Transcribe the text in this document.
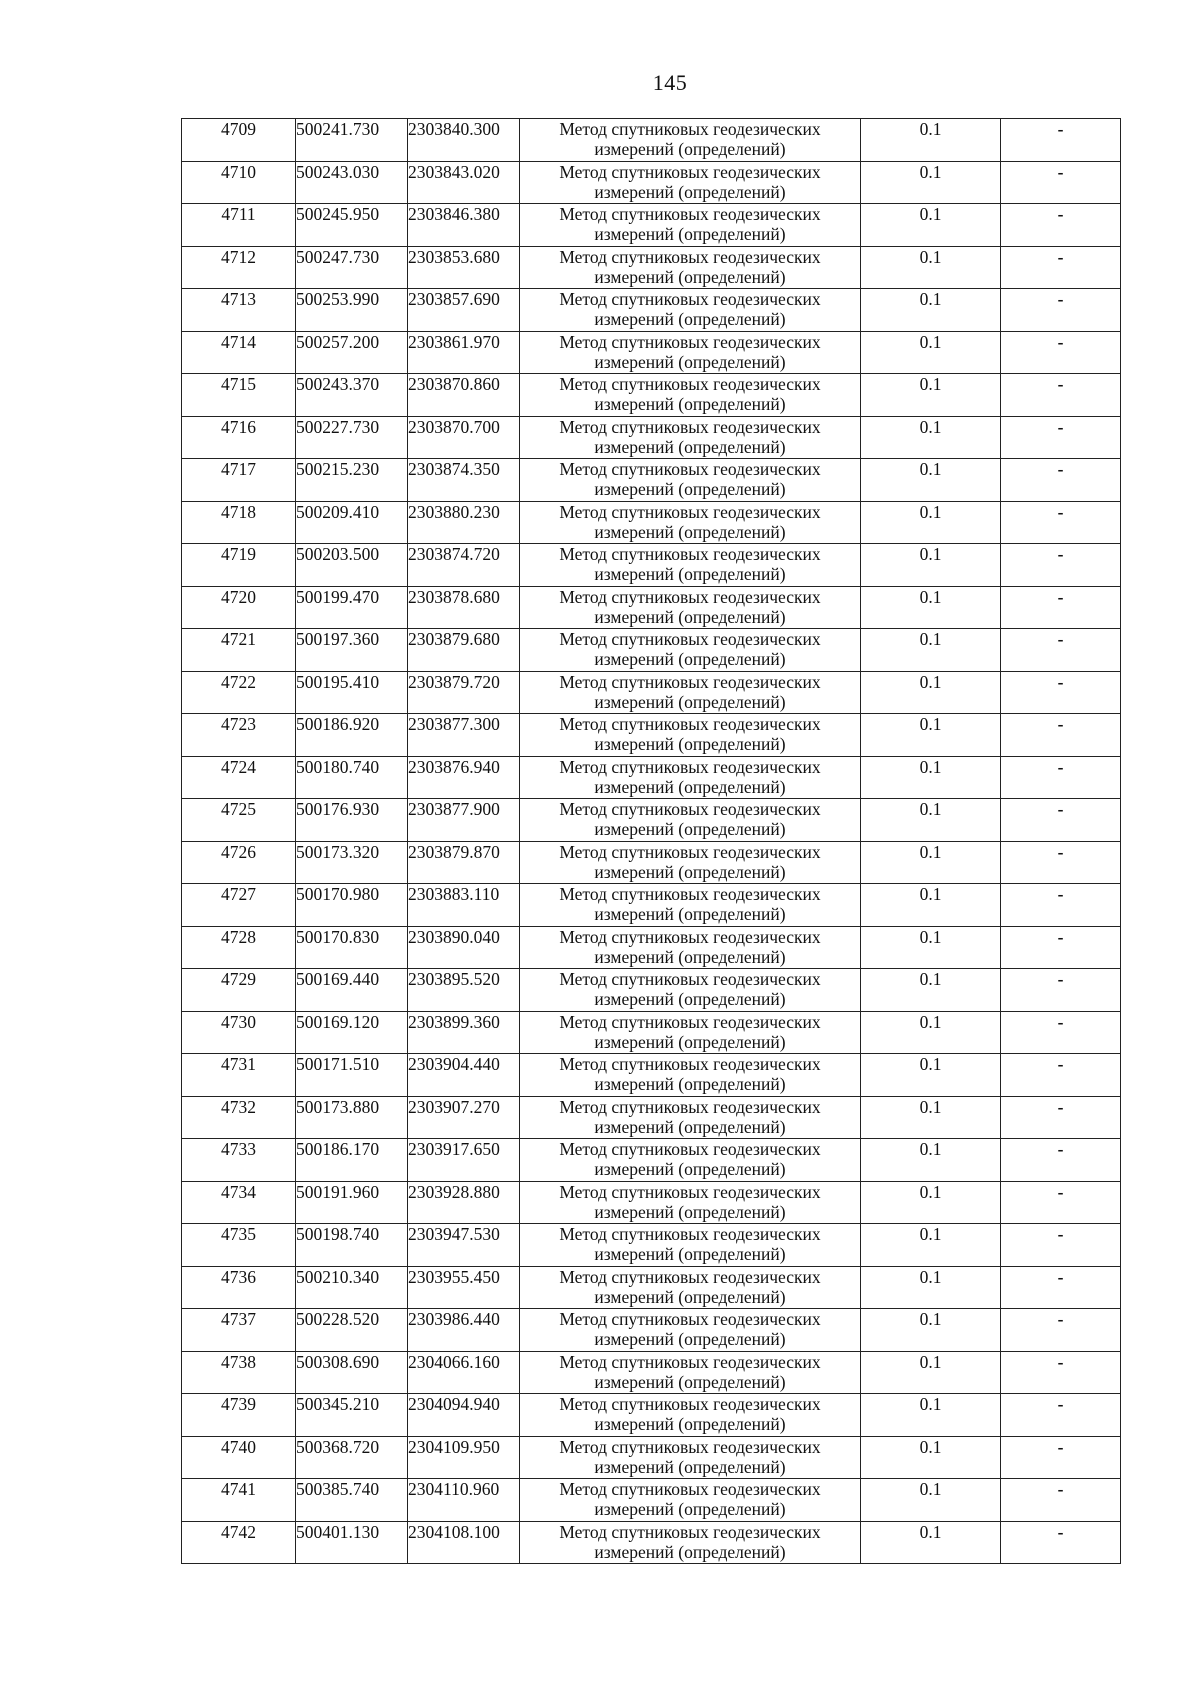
145
4709	500241.730	2303840.300	Метод спутниковых геодезических
измерений (определений)	0.1	-
4710	500243.030	2303843.020	Метод спутниковых геодезических
измерений (определений)	0.1	-
4711	500245.950	2303846.380	Метод спутниковых геодезических
измерений (определений)	0.1	-
4712	500247.730	2303853.680	Метод спутниковых геодезических
измерений (определений)	0.1	-
4713	500253.990	2303857.690	Метод спутниковых геодезических
измерений (определений)	0.1	-
4714	500257.200	2303861.970	Метод спутниковых геодезических
измерений (определений)	0.1	-
4715	500243.370	2303870.860	Метод спутниковых геодезических
измерений (определений)	0.1	-
4716	500227.730	2303870.700	Метод спутниковых геодезических
измерений (определений)	0.1	-
4717	500215.230	2303874.350	Метод спутниковых геодезических
измерений (определений)	0.1	-
4718	500209.410	2303880.230	Метод спутниковых геодезических
измерений (определений)	0.1	-
4719	500203.500	2303874.720	Метод спутниковых геодезических
измерений (определений)	0.1	-
4720	500199.470	2303878.680	Метод спутниковых геодезических
измерений (определений)	0.1	-
4721	500197.360	2303879.680	Метод спутниковых геодезических
измерений (определений)	0.1	-
4722	500195.410	2303879.720	Метод спутниковых геодезических
измерений (определений)	0.1	-
4723	500186.920	2303877.300	Метод спутниковых геодезических
измерений (определений)	0.1	-
4724	500180.740	2303876.940	Метод спутниковых геодезических
измерений (определений)	0.1	-
4725	500176.930	2303877.900	Метод спутниковых геодезических
измерений (определений)	0.1	-
4726	500173.320	2303879.870	Метод спутниковых геодезических
измерений (определений)	0.1	-
4727	500170.980	2303883.110	Метод спутниковых геодезических
измерений (определений)	0.1	-
4728	500170.830	2303890.040	Метод спутниковых геодезических
измерений (определений)	0.1	-
4729	500169.440	2303895.520	Метод спутниковых геодезических
измерений (определений)	0.1	-
4730	500169.120	2303899.360	Метод спутниковых геодезических
измерений (определений)	0.1	-
4731	500171.510	2303904.440	Метод спутниковых геодезических
измерений (определений)	0.1	-
4732	500173.880	2303907.270	Метод спутниковых геодезических
измерений (определений)	0.1	-
4733	500186.170	2303917.650	Метод спутниковых геодезических
измерений (определений)	0.1	-
4734	500191.960	2303928.880	Метод спутниковых геодезических
измерений (определений)	0.1	-
4735	500198.740	2303947.530	Метод спутниковых геодезических
измерений (определений)	0.1	-
4736	500210.340	2303955.450	Метод спутниковых геодезических
измерений (определений)	0.1	-
4737	500228.520	2303986.440	Метод спутниковых геодезических
измерений (определений)	0.1	-
4738	500308.690	2304066.160	Метод спутниковых геодезических
измерений (определений)	0.1	-
4739	500345.210	2304094.940	Метод спутниковых геодезических
измерений (определений)	0.1	-
4740	500368.720	2304109.950	Метод спутниковых геодезических
измерений (определений)	0.1	-
4741	500385.740	2304110.960	Метод спутниковых геодезических
измерений (определений)	0.1	-
4742	500401.130	2304108.100	Метод спутниковых геодезических
измерений (определений)	0.1	-
